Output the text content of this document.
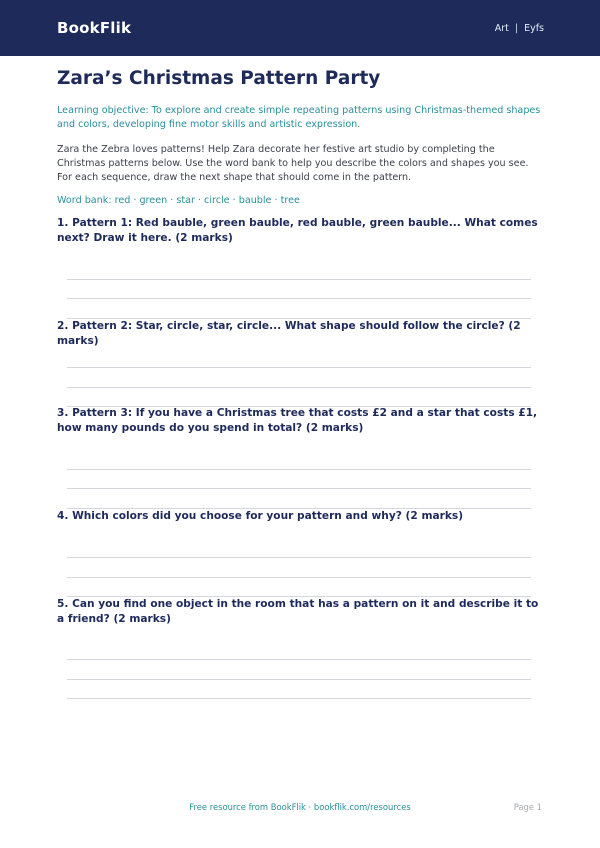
BookFlik	Art | Eyfs
Zara’s Christmas Pattern Party

Learning objective: To explore and create simple repeating patterns using Christmas-themed shapes and colors, developing fine motor skills and artistic expression.

Zara the Zebra loves patterns! Help Zara decorate her festive art studio by completing the Christmas patterns below. Use the word bank to help you describe the colors and shapes you see. For each sequence, draw the next shape that should come in the pattern.

Word bank: red · green · star · circle · bauble · tree

1. Pattern 1: Red bauble, green bauble, red bauble, green bauble... What comes next? Draw it here. (2 marks)
2. Pattern 2: Star, circle, star, circle... What shape should follow the circle? (2 marks)
3. Pattern 3: If you have a Christmas tree that costs £2 and a star that costs £1, how many pounds do you spend in total? (2 marks)
4. Which colors did you choose for your pattern and why? (2 marks)
5. Can you find one object in the room that has a pattern on it and describe it to a friend? (2 marks)
Free resource from BookFlik · bookflik.com/resources	Page 1
